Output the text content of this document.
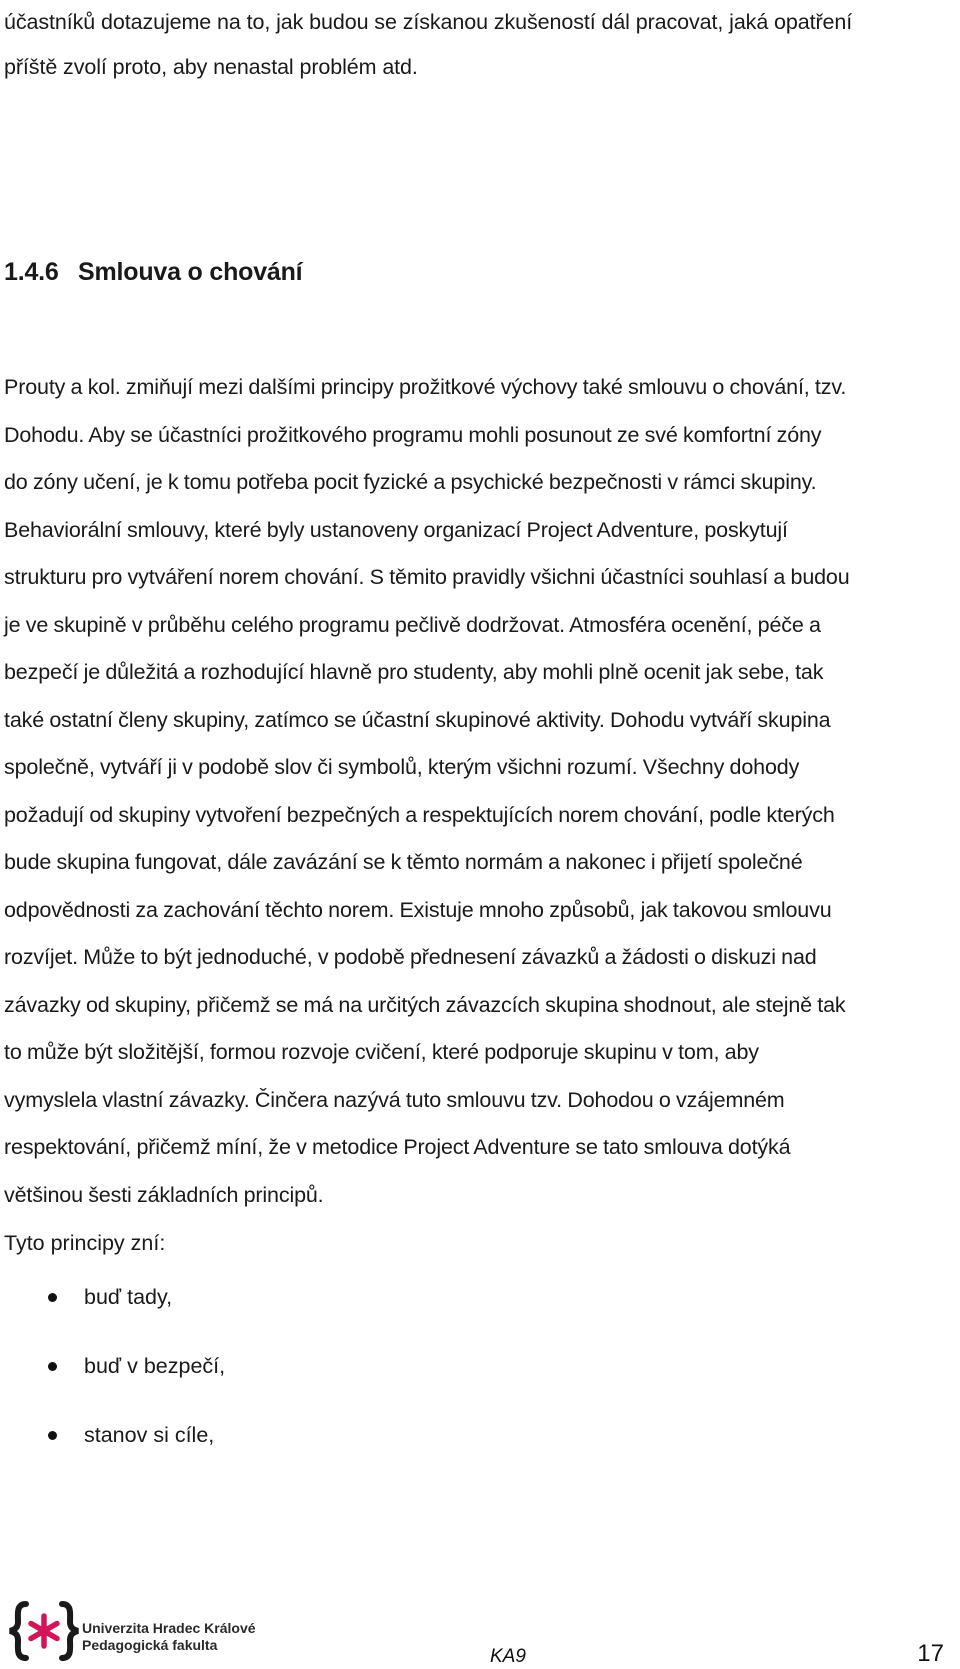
účastníků dotazujeme na to, jak budou se získanou zkušeností dál pracovat, jaká opatření
příště zvolí proto, aby nenastal problém atd.

1.4.6 Smlouva o chování

Prouty a kol. zmiňují mezi dalšími principy prožitkové výchovy také smlouvu o chování, tzv.
Dohodu. Aby se účastníci prožitkového programu mohli posunout ze své komfortní zóny
do zóny učení, je k tomu potřeba pocit fyzické a psychické bezpečnosti v rámci skupiny.
Behaviorální smlouvy, které byly ustanoveny organizací Project Adventure, poskytují
strukturu pro vytváření norem chování. S těmito pravidly všichni účastníci souhlasí a budou
je ve skupině v průběhu celého programu pečlivě dodržovat. Atmosféra ocenění, péče a
bezpečí je důležitá a rozhodující hlavně pro studenty, aby mohli plně ocenit jak sebe, tak
také ostatní členy skupiny, zatímco se účastní skupinové aktivity. Dohodu vytváří skupina
společně, vytváří ji v podobě slov či symbolů, kterým všichni rozumí. Všechny dohody
požadují od skupiny vytvoření bezpečných a respektujících norem chování, podle kterých
bude skupina fungovat, dále zavázání se k těmto normám a nakonec i přijetí společné
odpovědnosti za zachování těchto norem. Existuje mnoho způsobů, jak takovou smlouvu
rozvíjet. Může to být jednoduché, v podobě přednesení závazků a žádosti o diskuzi nad
závazky od skupiny, přičemž se má na určitých závazcích skupina shodnout, ale stejně tak
to může být složitější, formou rozvoje cvičení, které podporuje skupinu v tom, aby
vymyslela vlastní závazky. Činčera nazývá tuto smlouvu tzv. Dohodou o vzájemném
respektování, přičemž míní, že v metodice Project Adventure se tato smlouva dotýká
většinou šesti základních principů.

Tyto principy zní:

buď tady,
buď v bezpečí,
stanov si cíle,
Univerzita Hradec Králové
Pedagogická fakulta
KA9	17
